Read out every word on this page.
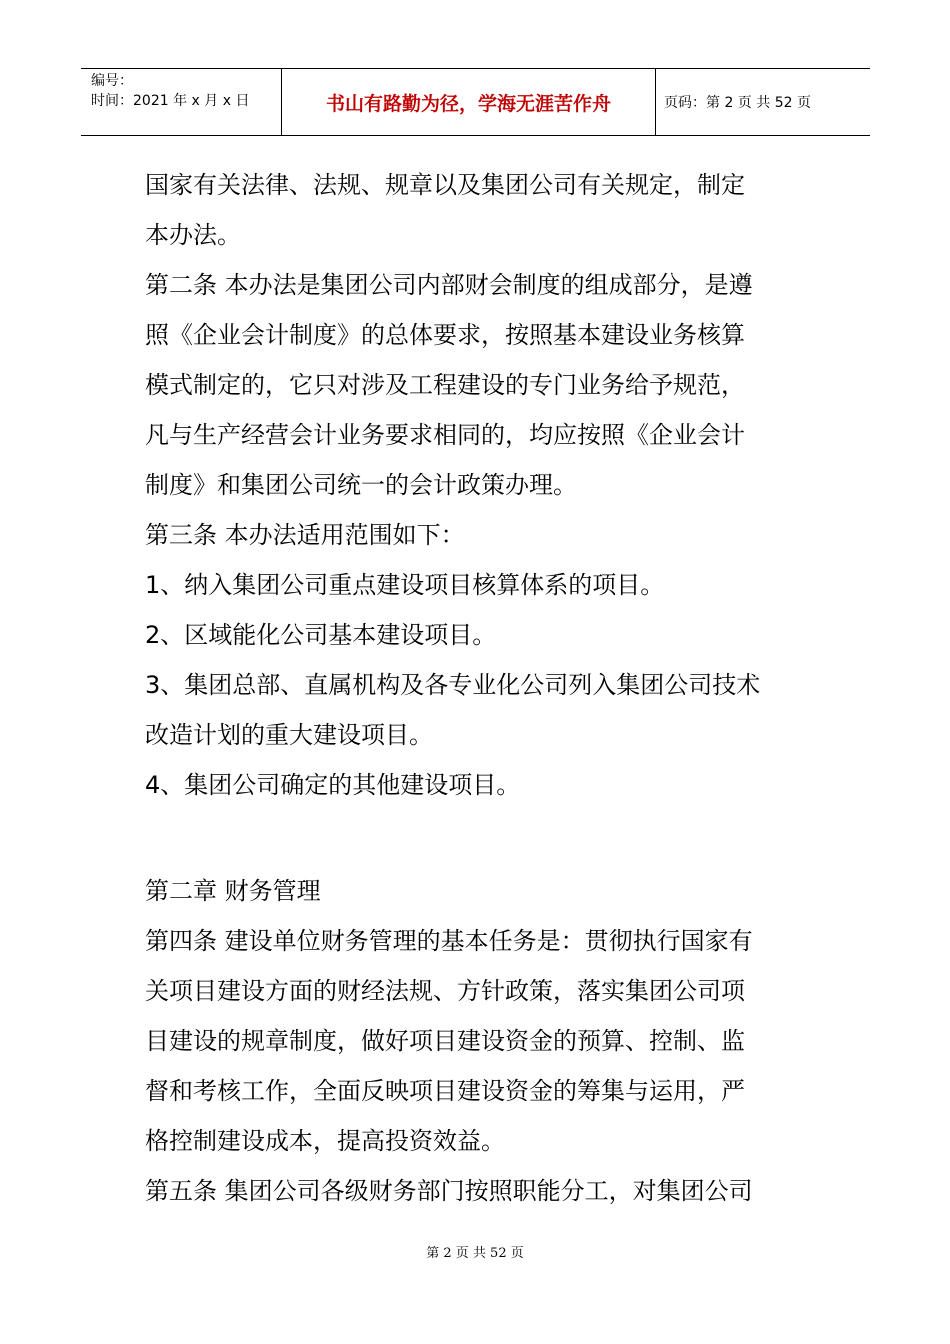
编号：
时间：2021 年 x 月 x 日	书山有路勤为径，学海无涯苦作舟	页码：第 2 页 共 52 页
国家有关法律、法规、规章以及集团公司有关规定，制定
本办法。
第二条 本办法是集团公司内部财会制度的组成部分，是遵
照《企业会计制度》的总体要求，按照基本建设业务核算
模式制定的，它只对涉及工程建设的专门业务给予规范，
凡与生产经营会计业务要求相同的，均应按照《企业会计
制度》和集团公司统一的会计政策办理。
第三条 本办法适用范围如下：
1、纳入集团公司重点建设项目核算体系的项目。
2、区域能化公司基本建设项目。
3、集团总部、直属机构及各专业化公司列入集团公司技术
改造计划的重大建设项目。
4、集团公司确定的其他建设项目。
第二章 财务管理
第四条 建设单位财务管理的基本任务是：贯彻执行国家有
关项目建设方面的财经法规、方针政策，落实集团公司项
目建设的规章制度，做好项目建设资金的预算、控制、监
督和考核工作，全面反映项目建设资金的筹集与运用，严
格控制建设成本，提高投资效益。
第五条 集团公司各级财务部门按照职能分工，对集团公司
第 2 页 共 52 页
